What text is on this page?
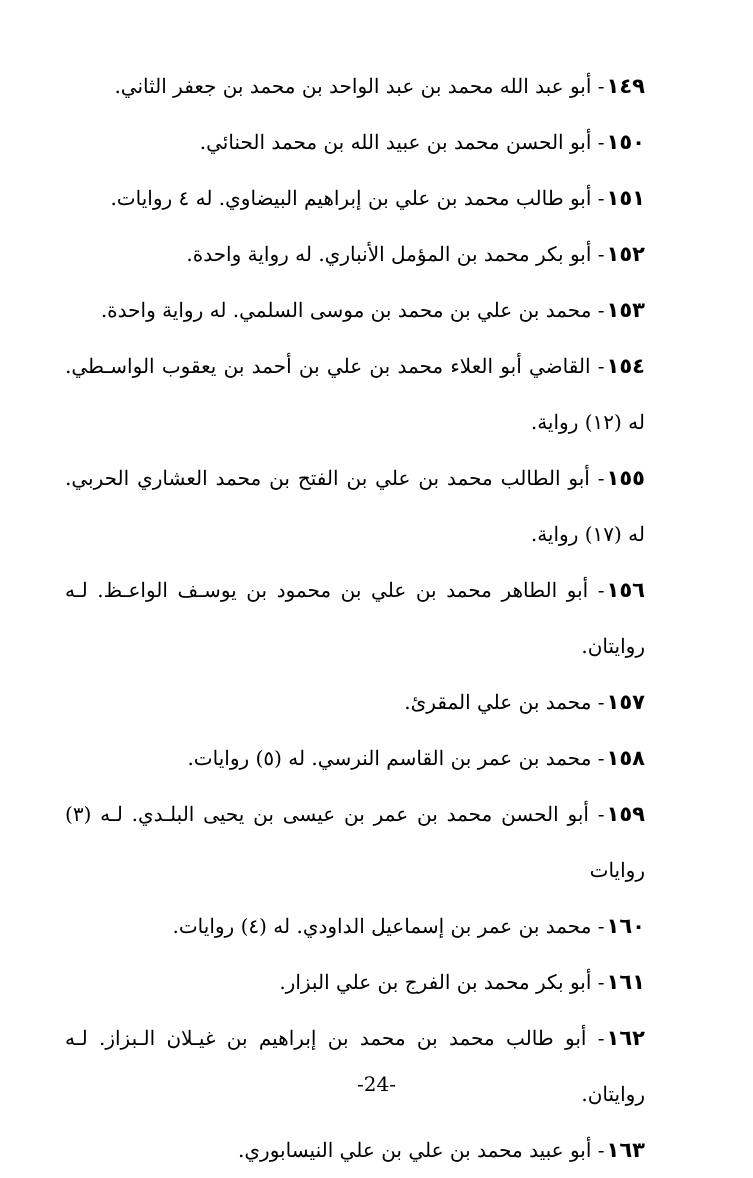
١٤٩- أبو عبد الله محمد بن عبد الواحد بن محمد بن جعفر الثاني.

١٥٠- أبو الحسن محمد بن عبيد الله بن محمد الحنائي.

١٥١- أبو طالب محمد بن علي بن إبراهيم البيضاوي. له ٤ روايات.

١٥٢- أبو بكر محمد بن المؤمل الأنباري. له رواية واحدة.

١٥٣- محمد بن علي بن محمد بن موسى السلمي. له رواية واحدة.

١٥٤- القاضي أبو العلاء محمد بن علي بن أحمد بن يعقوب الواسـطي. له (١٢) رواية.

١٥٥- أبو الطالب محمد بن علي بن الفتح بن محمد العشاري الحربي. له (١٧) رواية.

١٥٦- أبو الطاهر محمد بن علي بن محمود بن يوسـف الواعـظ. لـه روايتان.

١٥٧- محمد بن علي المقرئ.

١٥٨- محمد بن عمر بن القاسم النرسي. له (٥) روايات.

١٥٩- أبو الحسن محمد بن عمر بن عيسى بن يحيى البلـدي. لـه (٣) روايات

١٦٠- محمد بن عمر بن إسماعيل الداودي. له (٤) روايات.

١٦١- أبو بكر محمد بن الفرج بن علي البزار.

١٦٢- أبو طالب محمد بن محمد بن إبراهيم بن غيـلان الـبزاز. لـه روايتان.

١٦٣- أبو عبيد محمد بن علي بن علي النيسابوري.

-24-
